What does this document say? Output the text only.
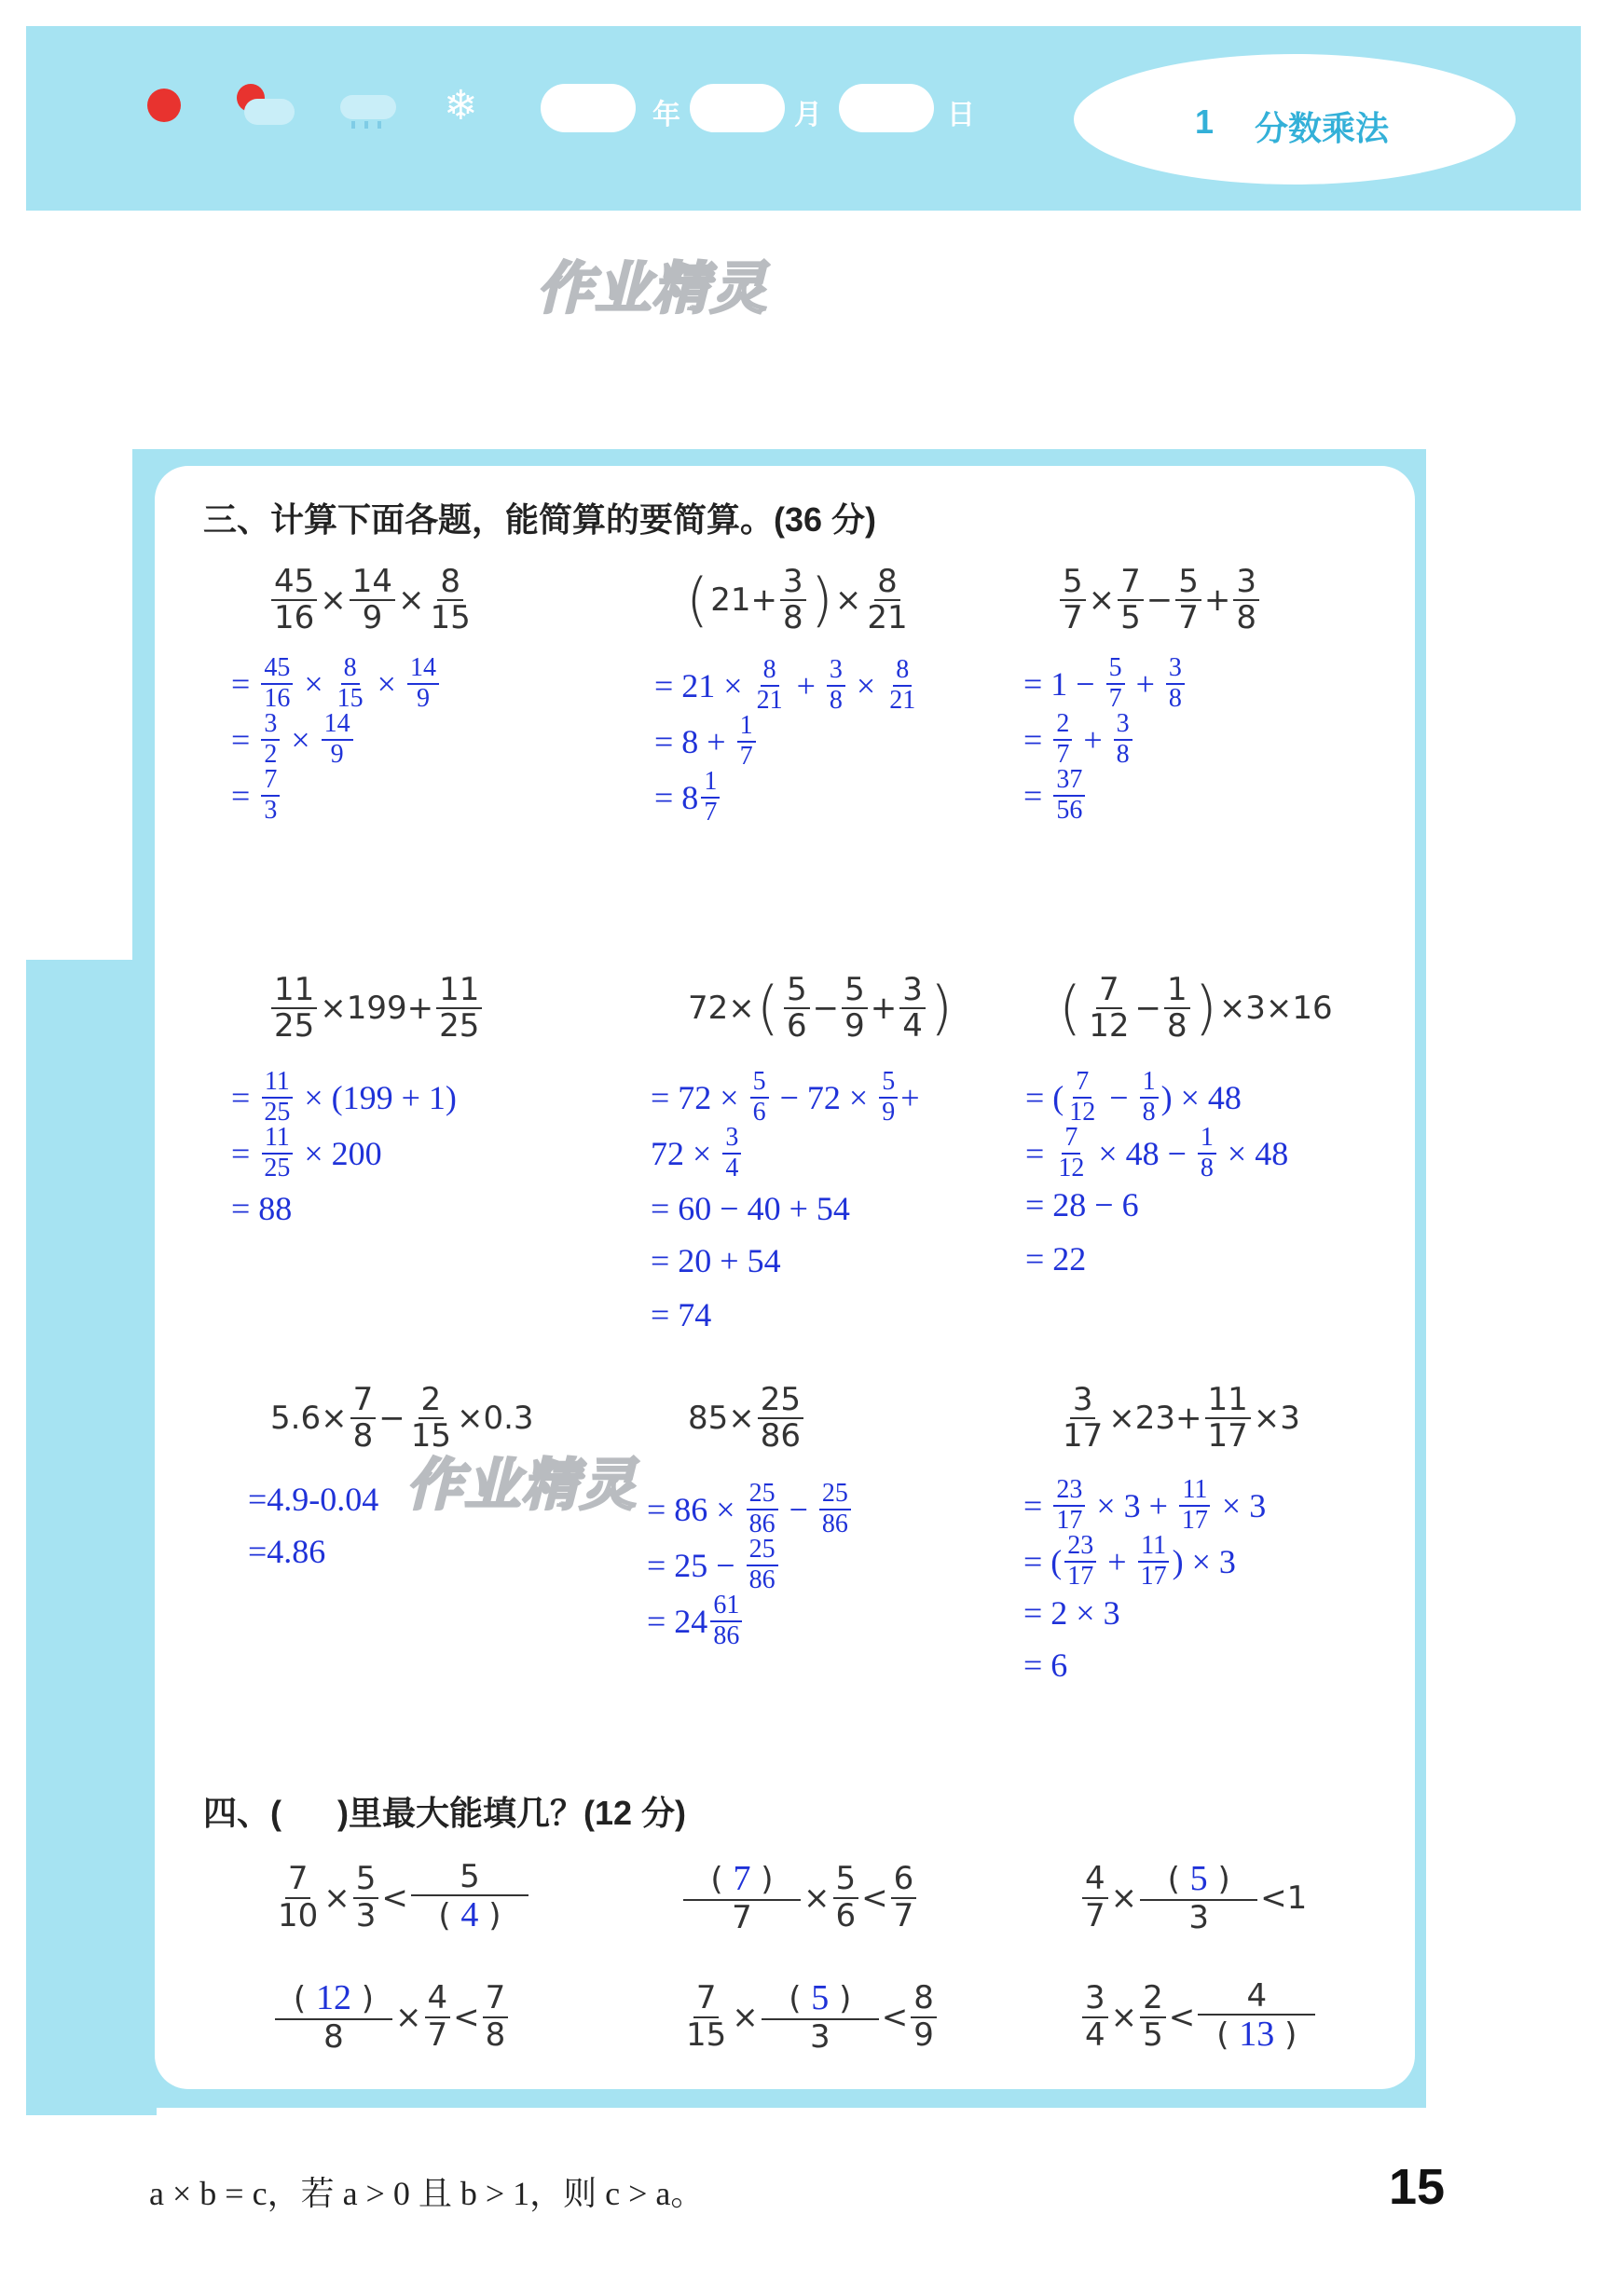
❄	年	月	日	1 分数乘法
作业精灵
三、计算下面各题，能简算的要简算。(36 分)
$\frac{45}{16} \times \frac{14}{9} \times \frac{8}{15}$
=
$\frac{45}{16} \times \frac{8}{15} \times \frac{14}{9}$
=
$\frac{3}{2} \times \frac{14}{9}$
=
$\frac{7}{3}$
( $21+ \frac{3}{8}$ ) × $\frac{8}{21}$
= 21 ×
$\frac{8}{21} + \frac{3}{8} \times \frac{8}{21}$
= 8 +
$\frac{1}{7}$
= $8 \frac{1}{7}$
$\frac{5}{7} \times \frac{7}{5} - \frac{5}{7} + \frac{3}{8}$
= 1 −
$\frac{5}{7} + \frac{3}{8}$
=
$\frac{2}{7} + \frac{3}{8}$
=
$\frac{37}{56}$
$\frac{11}{25} \times 199+ \frac{11}{25}$
=
$\frac{11}{25}$
× (199 + 1)
=
$\frac{11}{25}$
× 200
= 88
72× ( $\frac{5}{6} - \frac{5}{9} + \frac{3}{4}$ )
= 72 ×
$\frac{5}{6}$
− 72 ×
$\frac{5}{9}$ +
72 ×
$\frac{3}{4}$
= 60 − 40 + 54
= 20 + 54
= 74
( $\frac{7}{12} - \frac{1}{8}$ ) ×3×16
= ( $\frac{7}{12} - \frac{1}{8}$ ) × 48
=
$\frac{7}{12}$
× 48 −
$\frac{1}{8}$
× 48
= 28 − 6
= 22
$5.6\times \frac{7}{8} - \frac{2}{15} \times 0.3$
=4.9-0.04
=4.86
作业精灵
$85\times \frac{25}{86}$
= 86 ×
$\frac{25}{86}$
−
$\frac{25}{86}$
= 25 −
$\frac{25}{86}$
= $24 \frac{61}{86}$
$\frac{3}{17} \times 23+ \frac{11}{17} \times 3$
=
$\frac{23}{17}$
× 3 +
$\frac{11}{17}$
× 3
= ( $\frac{23}{17}$
+
$\frac{11}{17}$ ) × 3
= 2 × 3
= 6
四、(      )里最大能填几？(12 分)
$\frac{7}{10} \times \frac{5}{3} < \frac{5}{( 4 )}$	$\frac{( 7 )}{7} \times \frac{5}{6} < \frac{6}{7}$	$\frac{4}{7} \times \frac{( 5 )}{3} <1$
$\frac{( 12 )}{8} \times \frac{4}{7} < \frac{7}{8}$	$\frac{7}{15} \times \frac{( 5 )}{3} < \frac{8}{9}$	$\frac{3}{4} \times \frac{2}{5} < \frac{4}{( 13 )}$
a × b = c，若 a > 0 且 b > 1，则 c > a。	15
